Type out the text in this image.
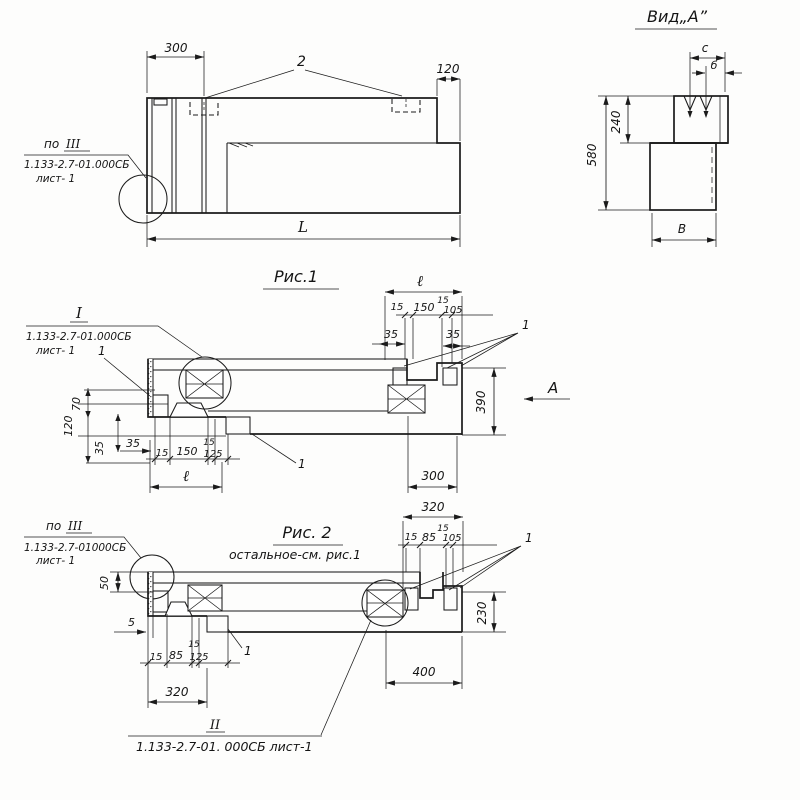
2
300
120
L
по III
1.133-2.7-01.000СБ
лист- 1
Вид„А”
с
б
240
580
В
Рис.1
1
I
1.133-2.7-01.000СБ
лист- 1
70
120
35 35
15 150
15
125
ℓ
1
ℓ
15 150 15
105
35	35
1
А
390
300
Рис. 2
остальное-см. рис.1
по III
1.133-2.7-01000СБ
лист- 1
1
50
5
15 85
15
125
320
320
15 85
15
105	1
230
400
II
1.133-2.7-01. 000СБ лист-1
